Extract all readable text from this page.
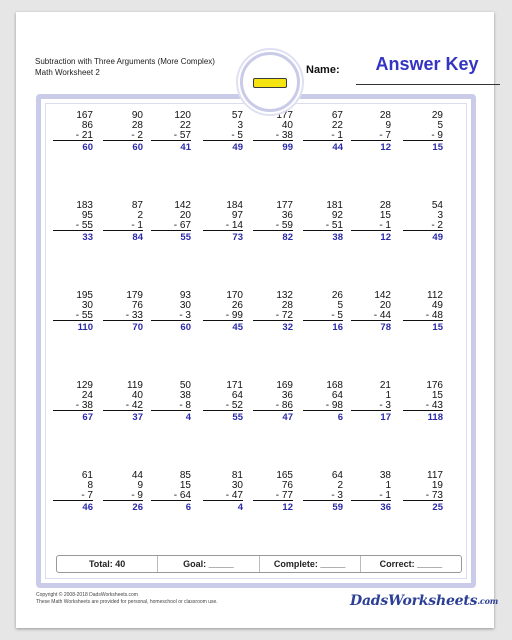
Subtraction with Three Arguments (More Complex)
Math Worksheet 2	Name:	Answer Key
167
86
- 21
60
90
28
- 2
60
120
22
- 57
41
57
3
- 5
49
177
40
- 38
99
67
22
- 1
44
28
9
- 7
12
29
5
- 9
15
183
95
- 55
33
87
2
- 1
84
142
20
- 67
55
184
97
- 14
73
177
36
- 59
82
181
92
- 51
38
28
15
- 1
12
54
3
- 2
49
195
30
- 55
110
179
76
- 33
70
93
30
- 3
60
170
26
- 99
45
132
28
- 72
32
26
5
- 5
16
142
20
- 44
78
112
49
- 48
15
129
24
- 38
67
119
40
- 42
37
50
38
- 8
4
171
64
- 52
55
169
36
- 86
47
168
64
- 98
6
21
1
- 3
17
176
15
- 43
118
61
8
- 7
46
44
9
- 9
26
85
15
- 64
6
81
30
- 47
4
165
76
- 77
12
64
2
- 3
59
38
1
- 1
36
117
19
- 73
25
Total: 40	Goal: _____	Complete: _____	Correct: _____
Copyright © 2008-2018 DadsWorksheets.com
These Math Worksheets are provided for personal, homeschool or classroom use.	DadsWorksheets.com
